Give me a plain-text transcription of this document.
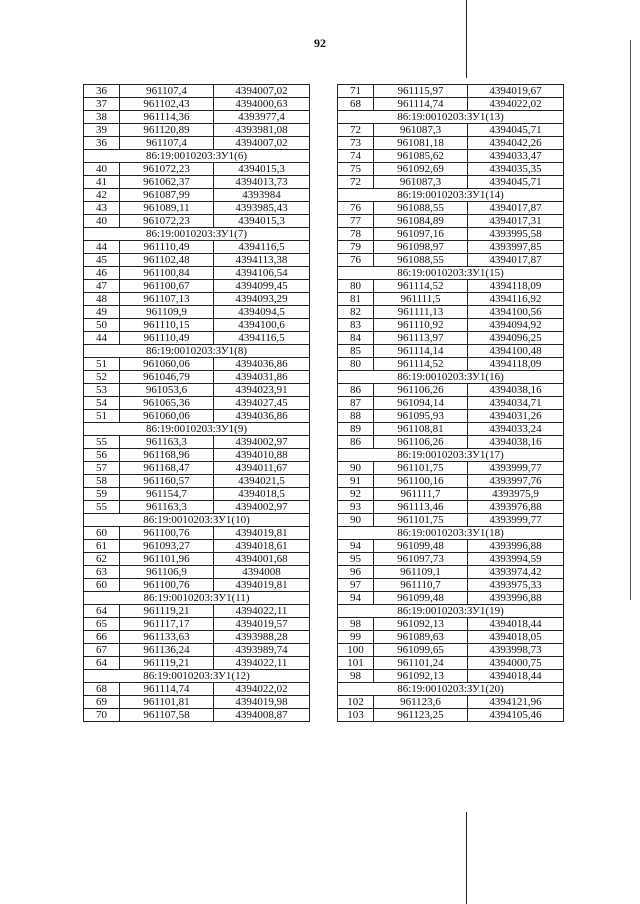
92
36	961107,4	4394007,02
37	961102,43	4394000,63
38	961114,36	4393977,4
39	961120,89	4393981,08
36	961107,4	4394007,02
86:19:0010203:ЗУ1(6)		
40	961072,23	4394015,3
41	961062,37	4394013,73
42	961087,99	4393984
43	961089,11	4393985,43
40	961072,23	4394015,3
86:19:0010203:ЗУ1(7)		
44	961110,49	4394116,5
45	961102,48	4394113,38
46	961100,84	4394106,54
47	961100,67	4394099,45
48	961107,13	4394093,29
49	961109,9	4394094,5
50	961110,15	4394100,6
44	961110,49	4394116,5
86:19:0010203:ЗУ1(8)		
51	961060,06	4394036,86
52	961046,79	4394031,86
53	961053,6	4394023,91
54	961065,36	4394027,45
51	961060,06	4394036,86
86:19:0010203:ЗУ1(9)		
55	961163,3	4394002,97
56	961168,96	4394010,88
57	961168,47	4394011,67
58	961160,57	4394021,5
59	961154,7	4394018,5
55	961163,3	4394002,97
86:19:0010203:ЗУ1(10)		
60	961100,76	4394019,81
61	961093,27	4394018,61
62	961101,96	4394001,68
63	961106,9	4394008
60	961100,76	4394019,81
86:19:0010203:ЗУ1(11)		
64	961119,21	4394022,11
65	961117,17	4394019,57
66	961133,63	4393988,28
67	961136,24	4393989,74
64	961119,21	4394022,11
86:19:0010203:ЗУ1(12)		
68	961114,74	4394022,02
69	961101,81	4394019,98
70	961107,58	4394008,87
71	961115,97	4394019,67
68	961114,74	4394022,02
86:19:0010203:ЗУ1(13)		
72	961087,3	4394045,71
73	961081,18	4394042,26
74	961085,62	4394033,47
75	961092,69	4394035,35
72	961087,3	4394045,71
86:19:0010203:ЗУ1(14)		
76	961088,55	4394017,87
77	961084,89	4394017,31
78	961097,16	4393995,58
79	961098,97	4393997,85
76	961088,55	4394017,87
86:19:0010203:ЗУ1(15)		
80	961114,52	4394118,09
81	961111,5	4394116,92
82	961111,13	4394100,56
83	961110,92	4394094,92
84	961113,97	4394096,25
85	961114,14	4394100,48
80	961114,52	4394118,09
86:19:0010203:ЗУ1(16)		
86	961106,26	4394038,16
87	961094,14	4394034,71
88	961095,93	4394031,26
89	961108,81	4394033,24
86	961106,26	4394038,16
86:19:0010203:ЗУ1(17)		
90	961101,75	4393999,77
91	961100,16	4393997,76
92	961111,7	4393975,9
93	961113,46	4393976,88
90	961101,75	4393999,77
86:19:0010203:ЗУ1(18)		
94	961099,48	4393996,88
95	961097,73	4393994,59
96	961109,1	4393974,42
97	961110,7	4393975,33
94	961099,48	4393996,88
86:19:0010203:ЗУ1(19)		
98	961092,13	4394018,44
99	961089,63	4394018,05
100	961099,65	4393998,73
101	961101,24	4394000,75
98	961092,13	4394018,44
86:19:0010203:ЗУ1(20)		
102	961123,6	4394121,96
103	961123,25	4394105,46
